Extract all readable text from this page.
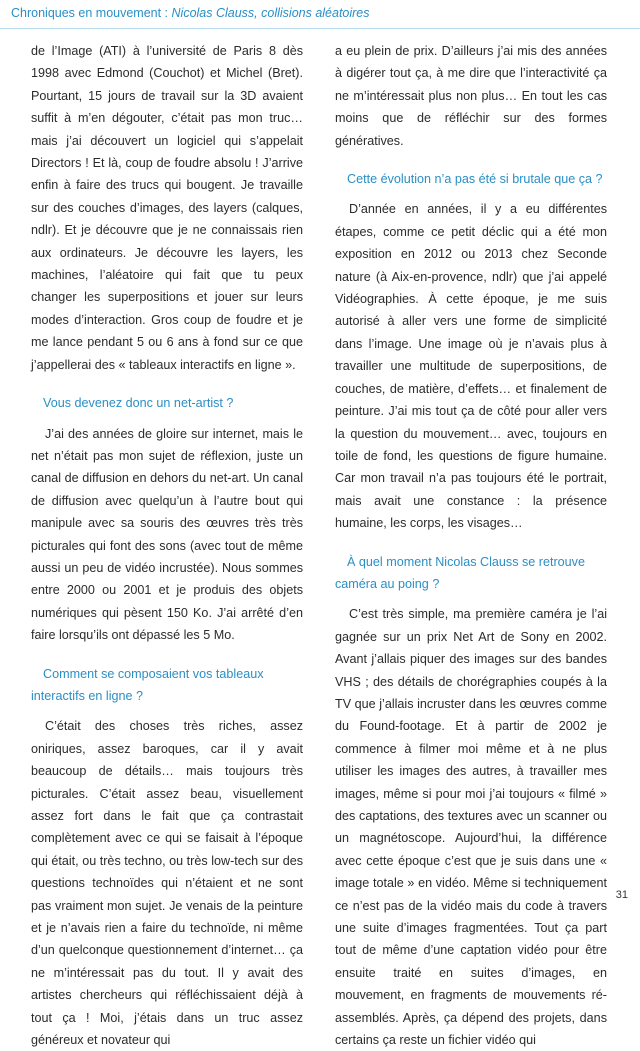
Chroniques en mouvement : Nicolas Clauss, collisions aléatoires

de l’Image (ATI) à l’université de Paris 8 dès 1998 avec Edmond (Couchot) et Michel (Bret). Pourtant, 15 jours de travail sur la 3D avaient suffit à m’en dégouter, c’était pas mon truc… mais j’ai découvert un logiciel qui s’appelait Directors ! Et là, coup de foudre absolu ! J’arrive enfin à faire des trucs qui bougent. Je travaille sur des couches d’images, des layers (calques, ndlr). Et je découvre que je ne connaissais rien aux ordinateurs. Je découvre les layers, les machines, l’aléatoire qui fait que tu peux changer les superpositions et jouer sur leurs modes d’interaction. Gros coup de foudre et je me lance pendant 5 ou 6 ans à fond sur ce que j’appellerai des « tableaux interactifs en ligne ».

Vous devenez donc un net-artist ?

J’ai des années de gloire sur internet, mais le net n’était pas mon sujet de réflexion, juste un canal de diffusion en dehors du net-art. Un canal de diffusion avec quelqu’un à l’autre bout qui manipule avec sa souris des œuvres très très picturales qui font des sons (avec tout de même aussi un peu de vidéo incrustée). Nous sommes entre 2000 ou 2001 et je produis des objets numériques qui pèsent 150 Ko. J’ai arrêté d’en faire lorsqu’ils ont dépassé les 5 Mo.

Comment se composaient vos tableaux interactifs en ligne ?

C’était des choses très riches, assez oniriques, assez baroques, car il y avait beaucoup de détails… mais toujours très picturales. C’était assez beau, visuellement assez fort dans le fait que ça contrastait complètement avec ce qui se faisait à l’époque qui était, ou très techno, ou très low-tech sur des questions technoïdes qui n’étaient et ne sont pas vraiment mon sujet. Je venais de la peinture et je n’avais rien a faire du technoïde, ni même d’un quelconque questionnement d’internet… ça ne m’intéressait pas du tout. Il y avait des artistes chercheurs qui réfléchissaient déjà à tout ça ! Moi, j’étais dans un truc assez généreux et novateur qui

a eu plein de prix. D’ailleurs j’ai mis des années à digérer tout ça, à me dire que l’interactivité ça ne m’intéressait plus non plus… En tout les cas moins que de réfléchir sur des formes génératives.

Cette évolution n’a pas été si brutale que ça ?

D’année en années, il y a eu différentes étapes, comme ce petit déclic qui a été mon exposition en 2012 ou 2013 chez Seconde nature (à Aix-en-provence, ndlr) que j’ai appelé Vidéographies. À cette époque, je me suis autorisé à aller vers une forme de simplicité dans l’image. Une image où je n’avais plus à travailler une multitude de superpositions, de couches, de matière, d’effets… et finalement de peinture. J’ai mis tout ça de côté pour aller vers la question du mouvement… avec, toujours en toile de fond, les questions de figure humaine. Car mon travail n’a pas toujours été le portrait, mais avait une constance : la présence humaine, les corps, les visages…

À quel moment Nicolas Clauss se retrouve caméra au poing ?

C’est très simple, ma première caméra je l’ai gagnée sur un prix Net Art de Sony en 2002. Avant j’allais piquer des images sur des bandes VHS ; des détails de chorégraphies coupés à la TV que j’allais incruster dans les œuvres comme du Found-footage. Et à partir de 2002 je commence à filmer moi même et à ne plus utiliser les images des autres, à travailler mes images, même si pour moi j’ai toujours « filmé » des captations, des textures avec un scanner ou un magnétoscope. Aujourd’hui, la différence avec cette époque c’est que je suis dans une « image totale » en vidéo. Même si techniquement ce n’est pas de la vidéo mais du code à travers une suite d’images fragmentées. Tout ça part tout de même d’une captation vidéo pour être ensuite traité en suites d’images, en mouvement, en fragments de mouvements ré-assemblés. Après, ça dépend des projets, dans certains ça reste un fichier vidéo qui

31
